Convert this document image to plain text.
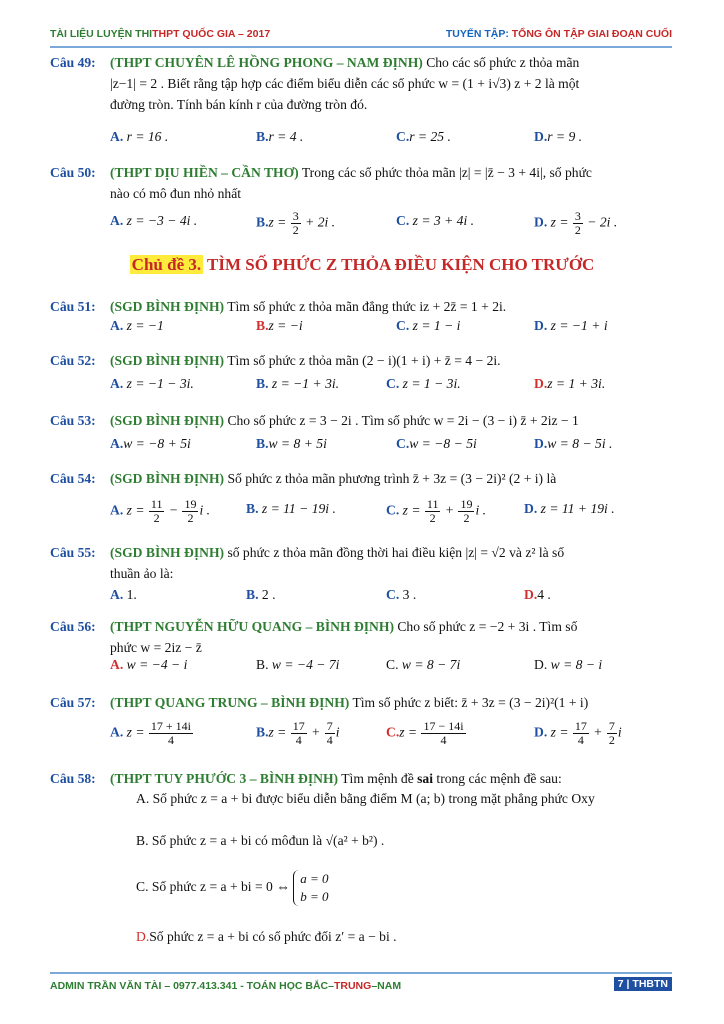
TÀI LIỆU LUYỆN THITHPT QUỐC GIA – 2017	TUYỂN TẬP: TỔNG ÔN TẬP GIAI ĐOẠN CUỐI
Câu 49: (THPT CHUYÊN LÊ HỒNG PHONG – NAM ĐỊNH) Cho các số phức z thỏa mãn
|z−1| = 2 . Biết rằng tập hợp các điểm biểu diễn các số phức w = (1 + i√3) z + 2 là một
đường tròn. Tính bán kính r của đường tròn đó.
A. r = 16 .	B.r = 4 .	C.r = 25 .	D.r = 9 .
Câu 50: (THPT DỊU HIỀN – CẦN THƠ) Trong các số phức thỏa mãn |z| = |z̄ − 3 + 4i|, số phức
nào có mô đun nhỏ nhất
A. z = −3 − 4i .	$B.z = \frac{3}{2} + 2i$ .	C. z = 3 + 4i .	D. $z = \frac{3}{2} - 2i$ .
Chủ đề 3. TÌM SỐ PHỨC Z THỎA ĐIỀU KIỆN CHO TRƯỚC
Câu 51: (SGD BÌNH ĐỊNH) Tìm số phức z thỏa mãn đẳng thức iz + 2z̄ = 1 + 2i.
A. z = −1	B.z = −i	C. z = 1 − i	D. z = −1 + i
Câu 52: (SGD BÌNH ĐỊNH) Tìm số phức z thỏa mãn (2 − i)(1 + i) + z̄ = 4 − 2i.
A. z = −1 − 3i.	B. z = −1 + 3i.	C. z = 1 − 3i.	D.z = 1 + 3i.
Câu 53: (SGD BÌNH ĐỊNH) Cho số phức z = 3 − 2i . Tìm số phức w = 2i − (3 − i) z̄ + 2iz − 1
A.w = −8 + 5i	B.w = 8 + 5i	C.w = −8 − 5i	D.w = 8 − 5i .
Câu 54: (SGD BÌNH ĐỊNH) Số phức z thỏa mãn phương trình z̄ + 3z = (3 − 2i)² (2 + i) là
A. $z = \frac{11}{2} - \frac{19}{2}$ i .	B. z = 11 − 19i .	C. $z = \frac{11}{2} + \frac{19}{2}$ i .	D. z = 11 + 19i .
Câu 55: (SGD BÌNH ĐỊNH) số phức z thỏa mãn đồng thời hai điều kiện |z| = √2 và z² là số
thuần ảo là:
A. 1.	B. 2 .	C. 3 .	D.4 .
Câu 56: (THPT NGUYỄN HỮU QUANG – BÌNH ĐỊNH) Cho số phức z = −2 + 3i . Tìm số
phức w = 2iz − z̄
A. w = −4 − i	B. w = −4 − 7i	C. w = 8 − 7i	D. w = 8 − i
Câu 57: (THPT QUANG TRUNG – BÌNH ĐỊNH) Tìm số phức z biết: z̄ + 3z = (3 − 2i)²(1 + i)
A. $z = \frac{17 + 14i}{4}$	$B.z = \frac{17}{4} + \frac{7}{4}$ i	$C.z = \frac{17 - 14i}{4}$	D. $z = \frac{17}{4} + \frac{7}{2}$ i
Câu 58: (THPT TUY PHƯỚC 3 – BÌNH ĐỊNH) Tìm mệnh đề sai trong các mệnh đề sau:
A. Số phức z = a + bi được biểu diễn bằng điểm M (a; b) trong mặt phẳng phức Oxy
B. Số phức z = a + bi có môđun là √(a² + b²) .
C. Số phức z = a + bi = 0 ⇔
a = 0
b = 0
D.Số phức z = a + bi có số phức đối z′ = a − bi .
ADMIN TRẦN VĂN TÀI – 0977.413.341 - TOÁN HỌC BẮC–TRUNG–NAM	7 | THBTN
